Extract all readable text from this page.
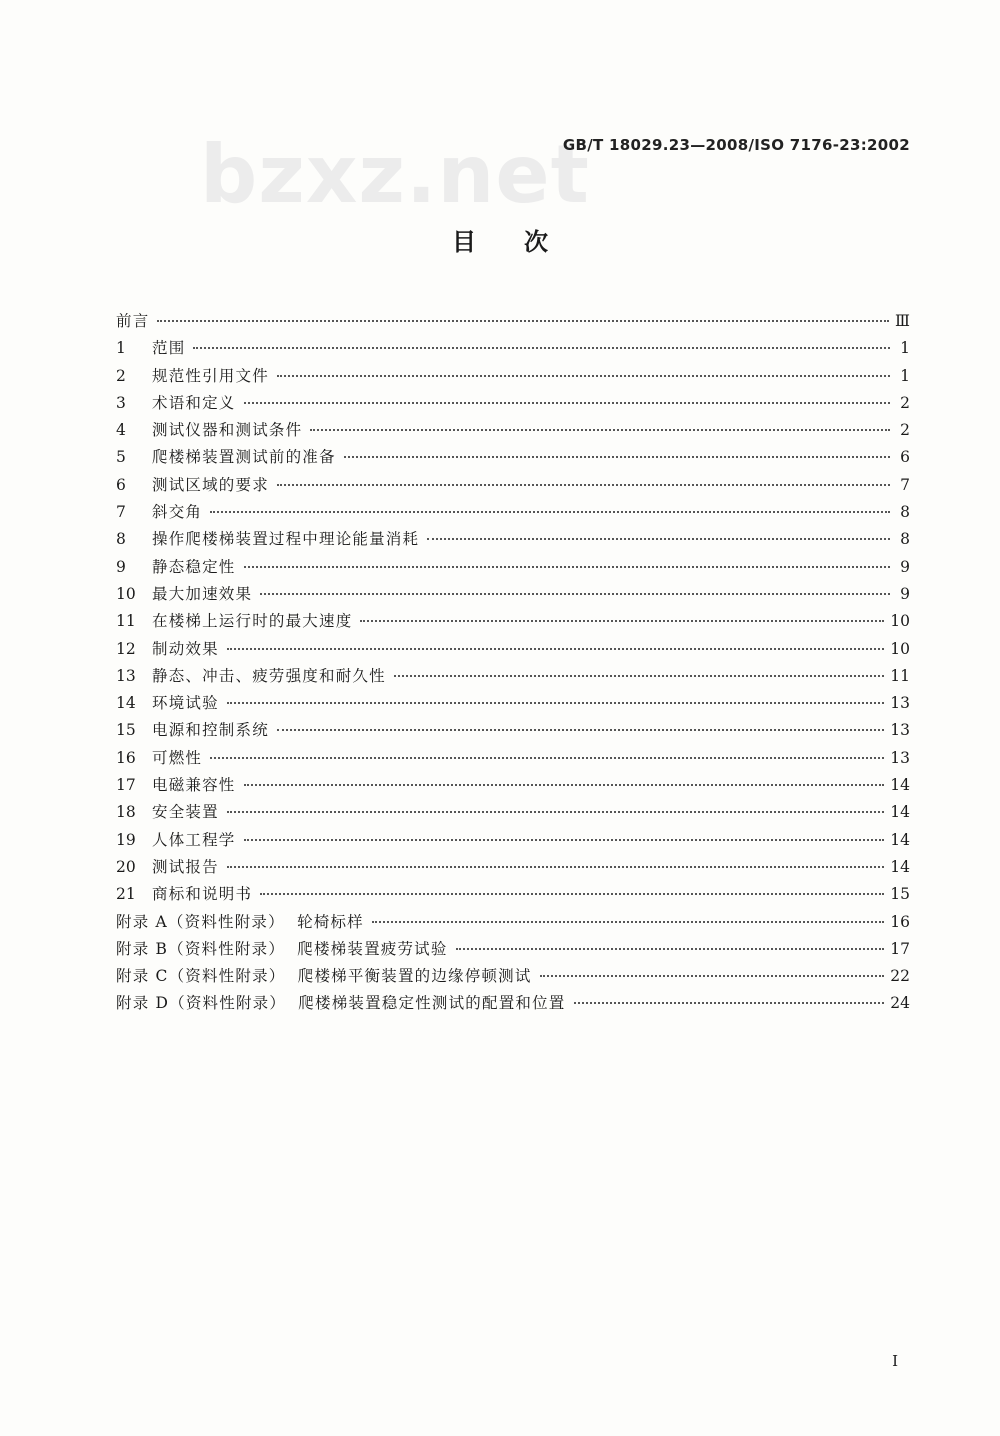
bzxz.net
GB/T 18029.23—2008/ISO 7176-23:2002
目次
前言	Ⅲ
1	范围	1
2	规范性引用文件	1
3	术语和定义	2
4	测试仪器和测试条件	2
5	爬楼梯装置测试前的准备	6
6	测试区域的要求	7
7	斜交角	8
8	操作爬楼梯装置过程中理论能量消耗	8
9	静态稳定性	9
10	最大加速效果	9
11	在楼梯上运行时的最大速度	10
12	制动效果	10
13	静态、冲击、疲劳强度和耐久性	11
14	环境试验	13
15	电源和控制系统	13
16	可燃性	13
17	电磁兼容性	14
18	安全装置	14
19	人体工程学	14
20	测试报告	14
21	商标和说明书	15
附录 A（资料性附录）  轮椅标样	16
附录 B（资料性附录）  爬楼梯装置疲劳试验	17
附录 C（资料性附录）  爬楼梯平衡装置的边缘停顿测试	22
附录 D（资料性附录）  爬楼梯装置稳定性测试的配置和位置	24
I
